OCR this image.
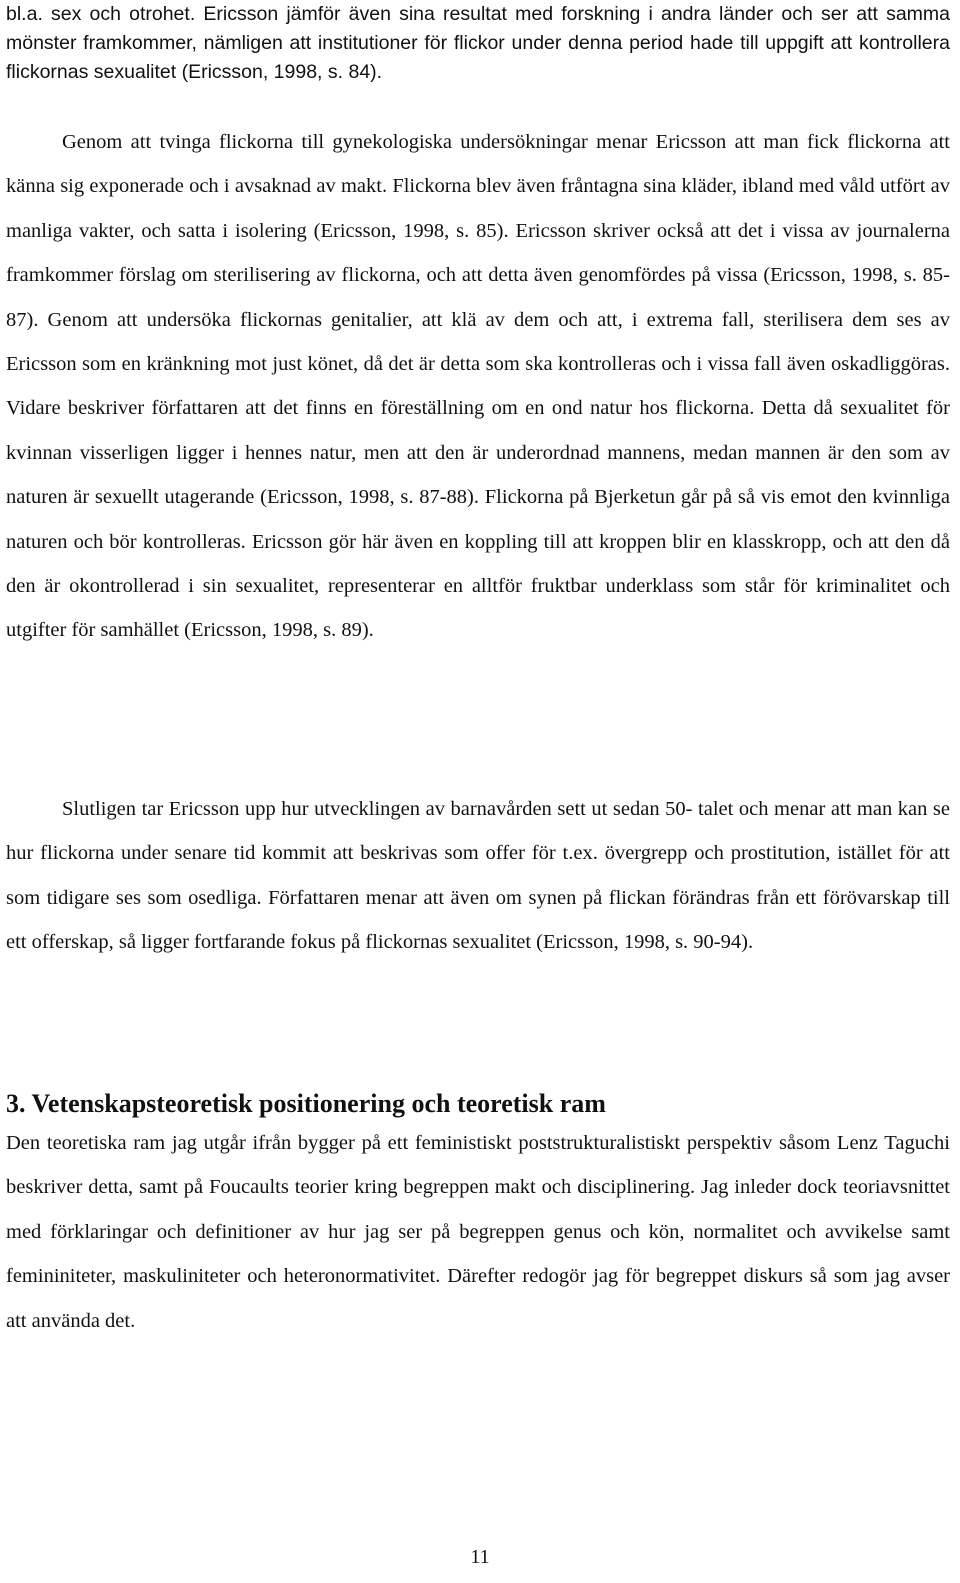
bl.a. sex och otrohet. Ericsson jämför även sina resultat med forskning i andra länder och ser att samma mönster framkommer, nämligen att institutioner för flickor under denna period hade till uppgift att kontrollera flickornas sexualitet (Ericsson, 1998, s. 84).

Genom att tvinga flickorna till gynekologiska undersökningar menar Ericsson att man fick flickorna att känna sig exponerade och i avsaknad av makt. Flickorna blev även fråntagna sina kläder, ibland med våld utfört av manliga vakter, och satta i isolering (Ericsson, 1998, s. 85). Ericsson skriver också att det i vissa av journalerna framkommer förslag om sterilisering av flickorna, och att detta även genomfördes på vissa (Ericsson, 1998, s. 85-87). Genom att undersöka flickornas genitalier, att klä av dem och att, i extrema fall, sterilisera dem ses av Ericsson som en kränkning mot just könet, då det är detta som ska kontrolleras och i vissa fall även oskadliggöras. Vidare beskriver författaren att det finns en föreställning om en ond natur hos flickorna. Detta då sexualitet för kvinnan visserligen ligger i hennes natur, men att den är underordnad mannens, medan mannen är den som av naturen är sexuellt utagerande (Ericsson, 1998, s. 87-88). Flickorna på Bjerketun går på så vis emot den kvinnliga naturen och bör kontrolleras. Ericsson gör här även en koppling till att kroppen blir en klasskropp, och att den då den är okontrollerad i sin sexualitet, representerar en alltför fruktbar underklass som står för kriminalitet och utgifter för samhället (Ericsson, 1998, s. 89).

Slutligen tar Ericsson upp hur utvecklingen av barnavården sett ut sedan 50- talet och menar att man kan se hur flickorna under senare tid kommit att beskrivas som offer för t.ex. övergrepp och prostitution, istället för att som tidigare ses som osedliga. Författaren menar att även om synen på flickan förändras från ett förövarskap till ett offerskap, så ligger fortfarande fokus på flickornas sexualitet (Ericsson, 1998, s. 90-94).

3. Vetenskapsteoretisk positionering och teoretisk ram

Den teoretiska ram jag utgår ifrån bygger på ett feministiskt poststrukturalistiskt perspektiv såsom Lenz Taguchi beskriver detta, samt på Foucaults teorier kring begreppen makt och disciplinering. Jag inleder dock teoriavsnittet med förklaringar och definitioner av hur jag ser på begreppen genus och kön, normalitet och avvikelse samt femininiteter, maskuliniteter och heteronormativitet. Därefter redogör jag för begreppet diskurs så som jag avser att använda det.

11
